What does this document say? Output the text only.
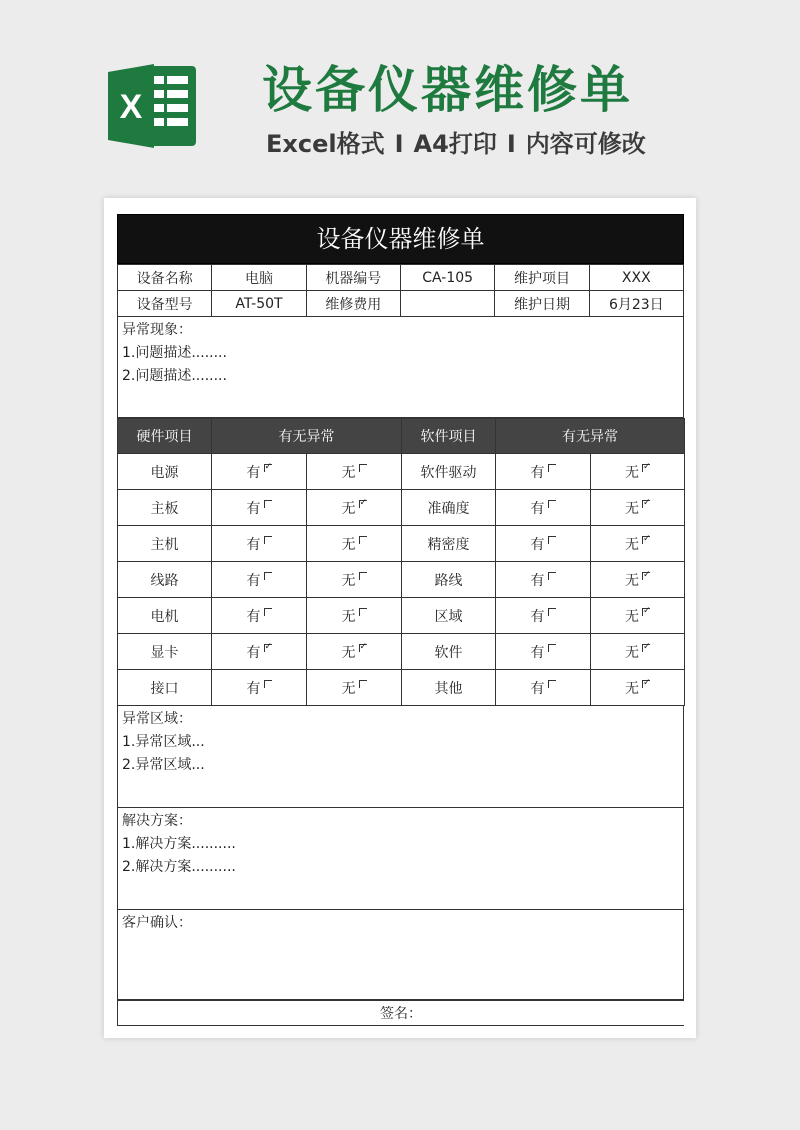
X 设备仪器维修单
Excel格式 I A4打印 I 内容可修改
设备仪器维修单
设备名称	电脑	机器编号	CA-105	维护项目	XXX
设备型号	AT-50T	维修费用		维护日期	6月23日
异常现象：
1.问题描述........
2.问题描述........
硬件项目	有无异常		软件项目	有无异常	
电源	有✓	无	软件驱动	有	无✓
主板	有	无✓	准确度	有	无✓
主机	有	无	精密度	有	无✓
线路	有	无	路线	有	无✓
电机	有	无	区域	有	无✓
显卡	有✓	无✓	软件	有	无✓
接口	有	无	其他	有	无✓
异常区域：
1.异常区域...
2.异常区域...
解决方案：
1.解决方案..........
2.解决方案..........
客户确认：
签名：
